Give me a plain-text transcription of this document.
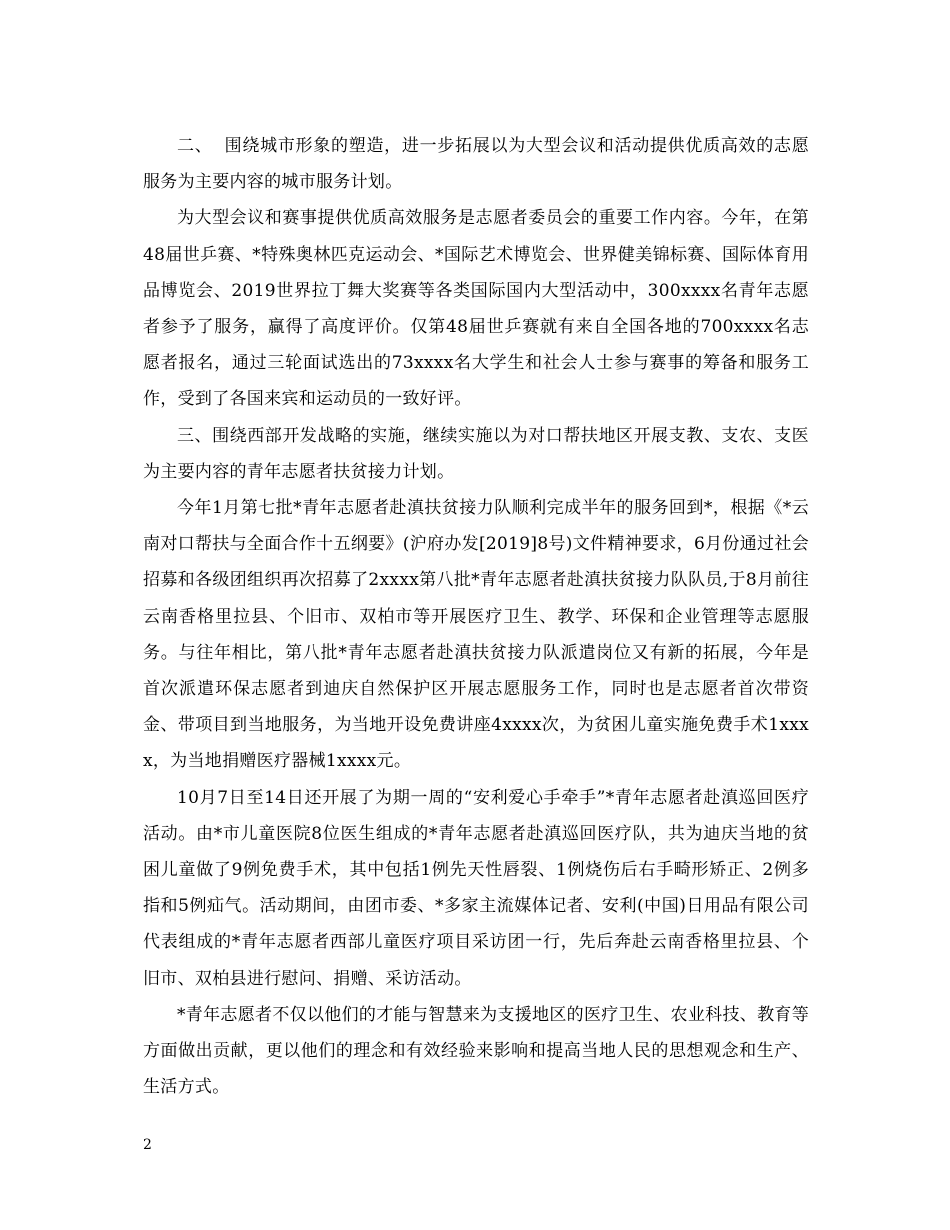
二、  围绕城市形象的塑造，进一步拓展以为大型会议和活动提供优质高效的志愿服务为主要内容的城市服务计划。

为大型会议和赛事提供优质高效服务是志愿者委员会的重要工作内容。今年，在第48届世乒赛、*特殊奥林匹克运动会、*国际艺术博览会、世界健美锦标赛、国际体育用品博览会、2019世界拉丁舞大奖赛等各类国际国内大型活动中，300xxxx名青年志愿者参予了服务，赢得了高度评价。仅第48届世乒赛就有来自全国各地的700xxxx名志愿者报名，通过三轮面试选出的73xxxx名大学生和社会人士参与赛事的筹备和服务工作，受到了各国来宾和运动员的一致好评。

三、围绕西部开发战略的实施，继续实施以为对口帮扶地区开展支教、支农、支医为主要内容的青年志愿者扶贫接力计划。

今年1月第七批*青年志愿者赴滇扶贫接力队顺利完成半年的服务回到*，根据《*云南对口帮扶与全面合作十五纲要》(沪府办发[2019]8号)文件精神要求，6月份通过社会招募和各级团组织再次招募了2xxxx第八批*青年志愿者赴滇扶贫接力队队员,于8月前往云南香格里拉县、个旧市、双柏市等开展医疗卫生、教学、环保和企业管理等志愿服务。与往年相比，第八批*青年志愿者赴滇扶贫接力队派遣岗位又有新的拓展，今年是首次派遣环保志愿者到迪庆自然保护区开展志愿服务工作，同时也是志愿者首次带资金、带项目到当地服务，为当地开设免费讲座4xxxx次，为贫困儿童实施免费手术1xxxx，为当地捐赠医疗器械1xxxx元。

10月7日至14日还开展了为期一周的“安利爱心手牵手”*青年志愿者赴滇巡回医疗活动。由*市儿童医院8位医生组成的*青年志愿者赴滇巡回医疗队，共为迪庆当地的贫困儿童做了9例免费手术，其中包括1例先天性唇裂、1例烧伤后右手畸形矫正、2例多指和5例疝气。活动期间，由团市委、*多家主流媒体记者、安利(中国)日用品有限公司代表组成的*青年志愿者西部儿童医疗项目采访团一行，先后奔赴云南香格里拉县、个旧市、双柏县进行慰问、捐赠、采访活动。

*青年志愿者不仅以他们的才能与智慧来为支援地区的医疗卫生、农业科技、教育等方面做出贡献，更以他们的理念和有效经验来影响和提高当地人民的思想观念和生产、生活方式。

2
